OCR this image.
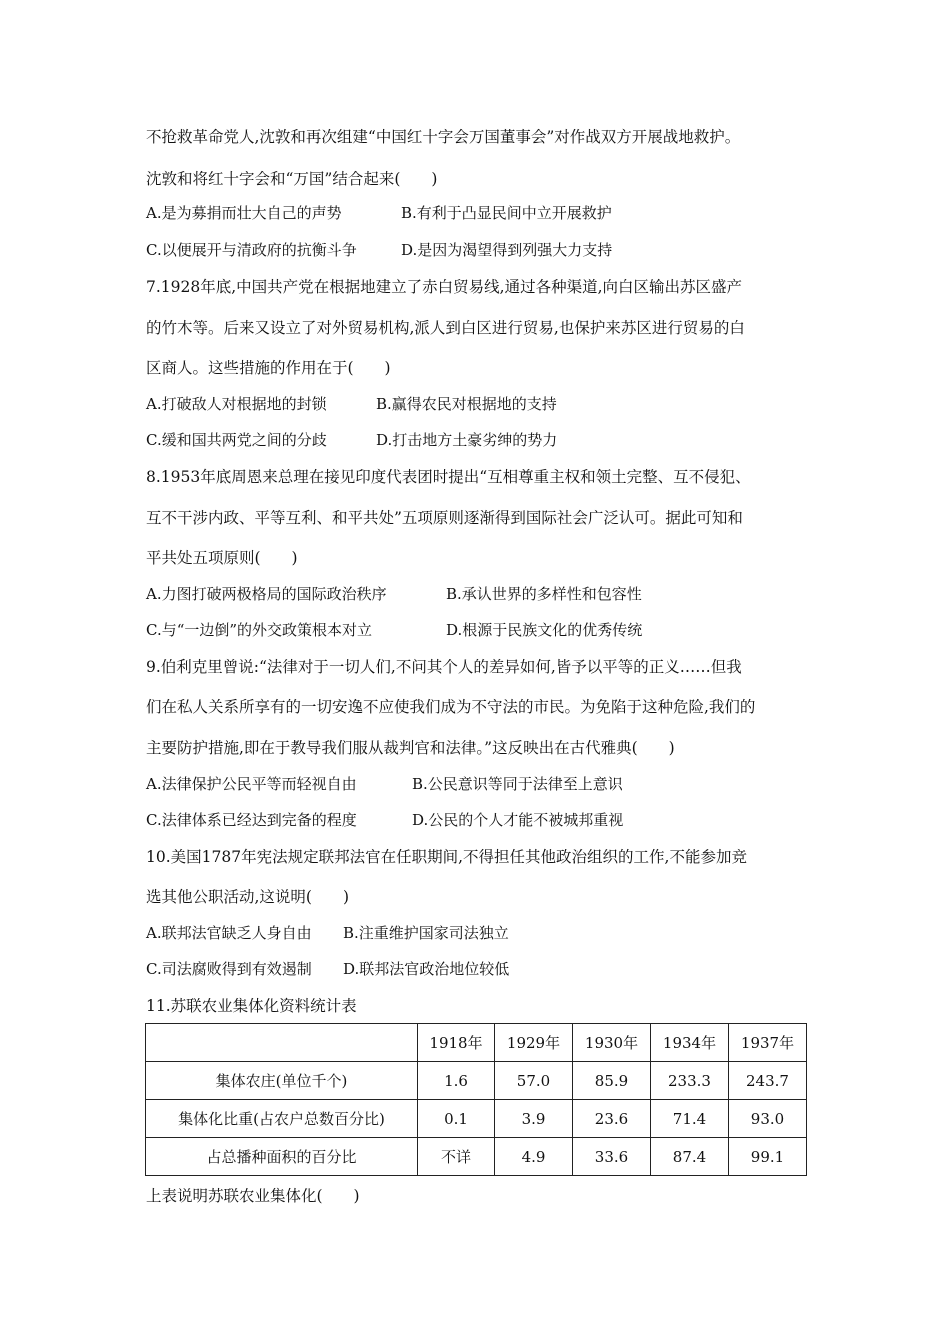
不抢救革命党人,沈敦和再次组建“中国红十字会万国董事会”对作战双方开展战地救护。
沈敦和将红十字会和“万国”结合起来(　　)
A.是为募捐而壮大自己的声势	B.有利于凸显民间中立开展救护
C.以便展开与清政府的抗衡斗争	D.是因为渴望得到列强大力支持
7.1928年底,中国共产党在根据地建立了赤白贸易线,通过各种渠道,向白区输出苏区盛产
的竹木等。后来又设立了对外贸易机构,派人到白区进行贸易,也保护来苏区进行贸易的白
区商人。这些措施的作用在于(　　)
A.打破敌人对根据地的封锁	B.赢得农民对根据地的支持
C.缓和国共两党之间的分歧	D.打击地方土豪劣绅的势力
8.1953年底周恩来总理在接见印度代表团时提出“互相尊重主权和领土完整、互不侵犯、
互不干涉内政、平等互利、和平共处”五项原则逐渐得到国际社会广泛认可。据此可知和
平共处五项原则(　　)
A.力图打破两极格局的国际政治秩序	B.承认世界的多样性和包容性
C.与“一边倒”的外交政策根本对立	D.根源于民族文化的优秀传统
9.伯利克里曾说:“法律对于一切人们,不问其个人的差异如何,皆予以平等的正义……但我
们在私人关系所享有的一切安逸不应使我们成为不守法的市民。为免陷于这种危险,我们的
主要防护措施,即在于教导我们服从裁判官和法律。”这反映出在古代雅典(　　)
A.法律保护公民平等而轻视自由	B.公民意识等同于法律至上意识
C.法律体系已经达到完备的程度	D.公民的个人才能不被城邦重视
10.美国1787年宪法规定联邦法官在任职期间,不得担任其他政治组织的工作,不能参加竞
选其他公职活动,这说明(　　)
A.联邦法官缺乏人身自由 B.注重维护国家司法独立
C.司法腐败得到有效遏制 D.联邦法官政治地位较低
11.苏联农业集体化资料统计表
	1918年	1929年	1930年	1934年	1937年
集体农庄(单位千个)	1.6	57.0	85.9	233.3	243.7
集体化比重(占农户总数百分比)	0.1	3.9	23.6	71.4	93.0
占总播种面积的百分比	不详	4.9	33.6	87.4	99.1
上表说明苏联农业集体化(　　)
